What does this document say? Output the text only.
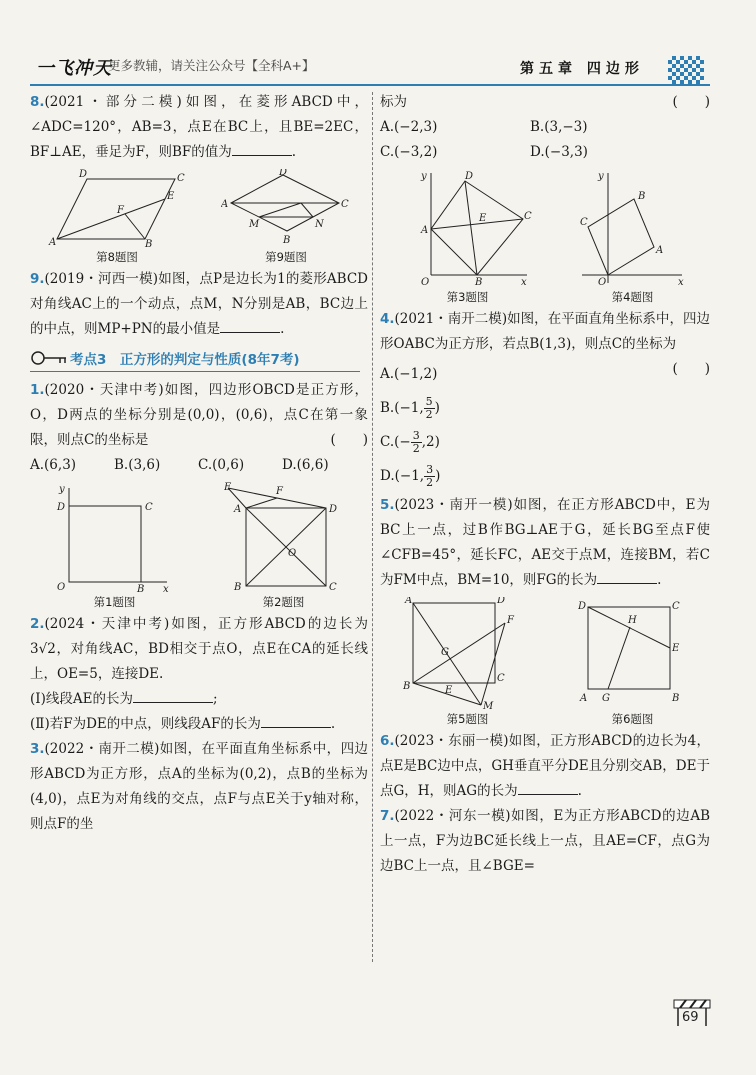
一飞冲天
更多教辅，请关注公众号【全科A+】	第五章 四边形
8.(2021・部分二模)如图，在菱形ABCD中，∠ADC=120°，AB=3，点E在BC上，且BE=2EC，BF⊥AE，垂足为F，则BF的值为	.
D	C
E
F
A	B
第8题图
D
A	C
M	N
B
第9题图
9.(2019・河西一模)如图，点P是边长为1的菱形ABCD对角线AC上的一个动点，点M，N分别是AB，BC边上的中点，则MP+PN的最小值是	.
考点3　正方形的判定与性质(8年7考)
1.(2020・天津中考)如图，四边形OBCD是正方形，O，D两点的坐标分别是(0,0)，(0,6)，点C在第一象限，则点C的坐标是	(　　)
A.(6,3)	B.(3,6)	C.(0,6)	D.(6,6)
y
D	C
O	B x
第1题图
E	F
A	D
O
B	C
第2题图
2.(2024・天津中考)如图，正方形ABCD的边长为3√2，对角线AC，BD相交于点O，点E在CA的延长线上，OE=5，连接DE.
(Ⅰ)线段AE的长为	;
(Ⅱ)若F为DE的中点，则线段AF的长为	.
3.(2022・南开二模)如图，在平面直角坐标系中，四边形ABCD为正方形，点A的坐标为(0,2)，点B的坐标为(4,0)，点E为对角线的交点，点F与点E关于y轴对称，则点F的坐
标为	(　　)
A.(−2,3)	B.(3,−3)
C.(−3,2)	D.(−3,3)
y	D
E	C
A
B
O	x
第3题图
y
B
C
A
O	x
第4题图
4.(2021・南开二模)如图，在平面直角坐标系中，四边形OABC为正方形，若点B(1,3)，则点C的坐标为
(　　)
A.(−1,2)
B.(−1, $\frac{5}{2}$ )
$C.(- \frac{3}{2} ,2)$
D.(−1, $\frac{3}{2}$ )
5.(2023・南开一模)如图，在正方形ABCD中，E为BC上一点，过B作BG⊥AE于G，延长BG至点F使∠CFB=45°，延长FC，AE交于点M，连接BM，若C为FM中点，BM=10，则FG的长为	.
A	D
F
G
C
B	E
M
第5题图
D
H
C
E
A G	B
第6题图
6.(2023・东丽一模)如图，正方形ABCD的边长为4，点E是BC边中点，GH垂直平分DE且分别交AB，DE于点G，H，则AG的长为	.
7.(2022・河东一模)如图，E为正方形ABCD的边AB上一点，F为边BC延长线上一点，且AE=CF，点G为边BC上一点，且∠BGE=
69
